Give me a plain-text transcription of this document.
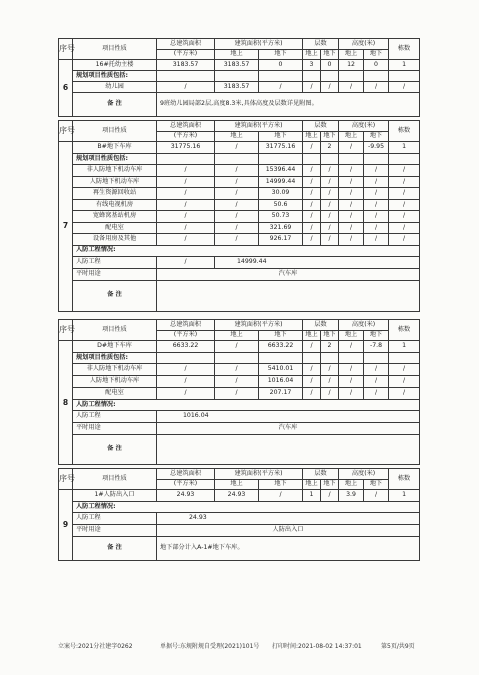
序号	项目性质	总建筑面积	建筑面积(平方米)		层数		高度(米)		栋数
		(平方米)	地上	地下	地上	地下	地上	地下	
6	16#托幼主楼	3183.57	3183.57	0	3	0	12	0	1
	规划项目性质包括:								
	幼儿园	/	3183.57	/	/	/	/	/	/
	备 注	9班幼儿园局部2层,高度8.3米,具体高度及层数详见附图。							
序号	项目性质	总建筑面积	建筑面积(平方米)		层数		高度(米)		栋数
		(平方米)	地上	地下	地上	地下	地上	地下	
7	B#地下车库	31775.16	/	31775.16	/	2	/	-9.95	1
	规划项目性质包括:								
	非人防地下机动车库	/	/	15396.44	/	/	/	/	/
	人防地下机动车库	/	/	14999.44	/	/	/	/	/
	再生资源回收站	/	/	30.09	/	/	/	/	/
	有线电视机房	/	/	50.6	/	/	/	/	/
	宽蜂窝基站机房	/	/	50.73	/	/	/	/	/
	配电室	/	/	321.69	/	/	/	/	/
	设备用房及其他	/	/	926.17	/	/	/	/	/
	人防工程情况:								
	人防工程	/	14999.44						
	平时用途	汽车库							
	备 注								
序号	项目性质	总建筑面积	建筑面积(平方米)		层数		高度(米)		栋数
		(平方米)	地上	地下	地上	地下	地上	地下	
8	D#地下车库	6633.22	/	6633.22	/	2	/	-7.8	1
	规划项目性质包括:								
	非人防地下机动车库	/	/	5410.01	/	/	/	/	/
	人防地下机动车库	/	/	1016.04	/	/	/	/	/
	配电室	/	/	207.17	/	/	/	/	/
	人防工程情况:								
	人防工程	1016.04							
	平时用途	汽车库							
	备 注								
序号	项目性质	总建筑面积	建筑面积(平方米)		层数		高度(米)		栋数
		(平方米)	地上	地下	地上	地下	地上	地下	
9	1#人防出入口	24.93	24.93	/	1	/	3.9	/	1
	人防工程情况:								
	人防工程	24.93							
	平时用途	人防出入口							
	备 注	地下部分计入A-1#地下车库。							
立案号:2021分社建字0262	单据号:东规附规自受理(2021)101号 打印时间:2021-08-02 14:37:01	第5页/共9页
